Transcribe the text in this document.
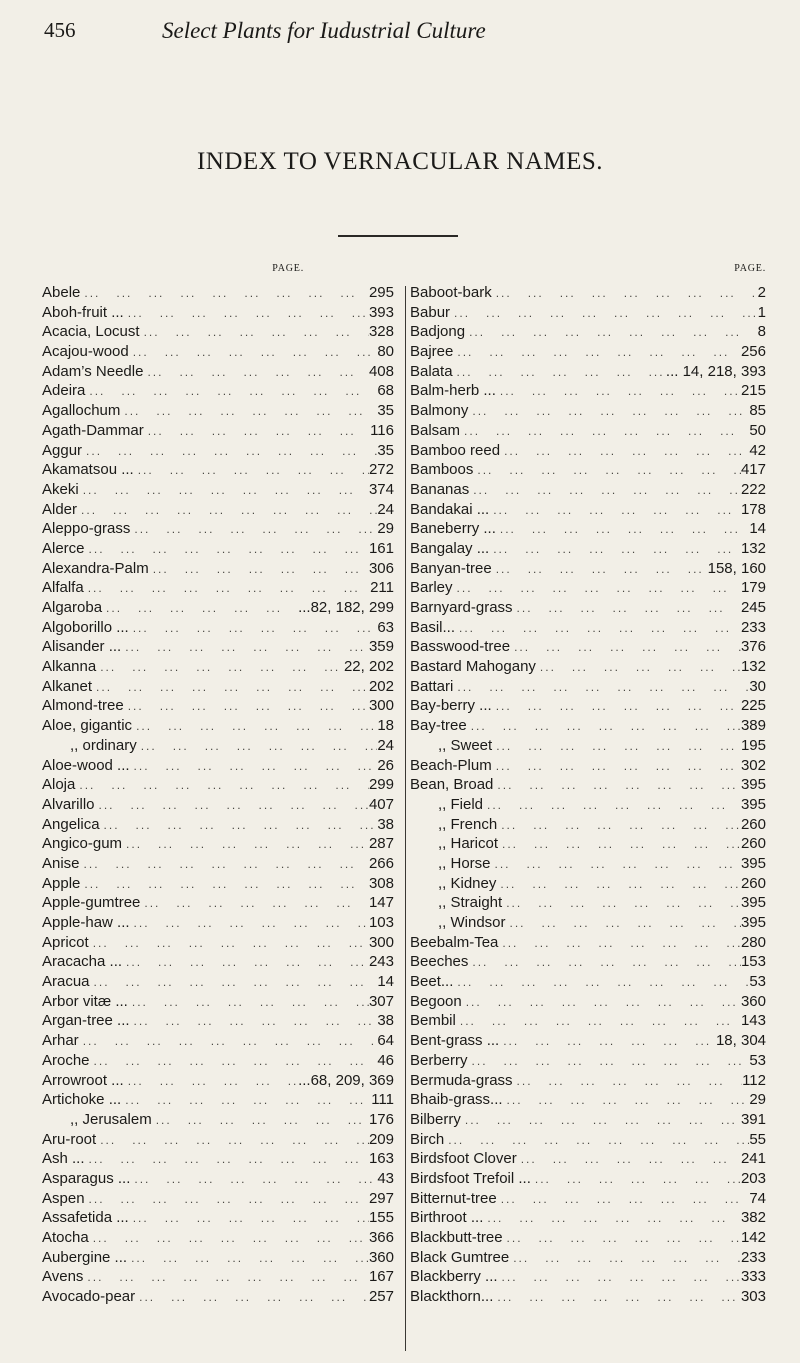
456	Select Plants for Iudustrial Culture
INDEX TO VERNACULAR NAMES.
PAGE.
Abele ...	295
Aboh-fruit ... ...	393
Acacia, Locust ...	328
Acajou-wood ...	80
Adam’s Needle ...	408
Adeira ...	68
Agallochum ...	35
Agath-Dammar ...	116
Aggur ...	35
Akamatsou ... ...	272
Akeki ...	374
Alder ...	24
Aleppo-grass ...	29
Alerce ...	161
Alexandra-Palm ...	306
Alfalfa ...	211
Algaroba ...	...82, 182, 299
Algoborillo ... ...	63
Alisander ... ...	359
Alkanna ...	22, 202
Alkanet ...	202
Almond-tree ...	300
Aloe, gigantic ...	18
,, ordinary ...	24
Aloe-wood ... ...	26
Aloja ...	299
Alvarillo ...	407
Angelica ...	38
Angico-gum ...	287
Anise ...	266
Apple ...	308
Apple-gumtree ...	147
Apple-haw ... ...	103
Apricot ...	300
Aracacha ... ...	243
Aracua ...	14
Arbor vitæ ... ...	307
Argan-tree ... ...	38
Arhar ...	64
Aroche ...	46
Arrowroot ... ...	...68, 209, 369
Artichoke ... ...	111
,, Jerusalem ...	176
Aru-root ...	209
Ash ... ...	163
Asparagus ... ...	43
Aspen ...	297
Assafetida ... ...	155
Atocha ...	366
Aubergine ... ...	360
Avens ...	167
Avocado-pear ...	257
PAGE.
Baboot-bark ...	2
Babur ...	1
Badjong ...	8
Bajree ...	256
Balata ...	... 14, 218, 393
Balm-herb ... ...	215
Balmony ...	85
Balsam ...	50
Bamboo reed ...	42
Bamboos ...	417
Bananas ...	222
Bandakai ... ...	178
Baneberry ... ...	14
Bangalay ... ...	132
Banyan-tree ...	158, 160
Barley ...	179
Barnyard-grass ...	245
Basil... ...	233
Basswood-tree ...	376
Bastard Mahogany ...	132
Battari ...	30
Bay-berry ... ...	225
Bay-tree ...	389
,, Sweet ...	195
Beach-Plum ...	302
Bean, Broad ...	395
,, Field ...	395
,, French ...	260
,, Haricot ...	260
,, Horse ...	395
,, Kidney ...	260
,, Straight ...	395
,, Windsor ...	395
Beebalm-Tea ...	280
Beeches ...	153
Beet... ...	53
Begoon ...	360
Bembil ...	143
Bent-grass ... ...	18, 304
Berberry ...	53
Bermuda-grass ...	112
Bhaib-grass... ...	29
Bilberry ...	391
Birch ...	55
Birdsfoot Clover ...	241
Birdsfoot Trefoil ... ...	203
Bitternut-tree ...	74
Birthroot ... ...	382
Blackbutt-tree ...	142
Black Gumtree ...	233
Blackberry ... ...	333
Blackthorn... ...	303
